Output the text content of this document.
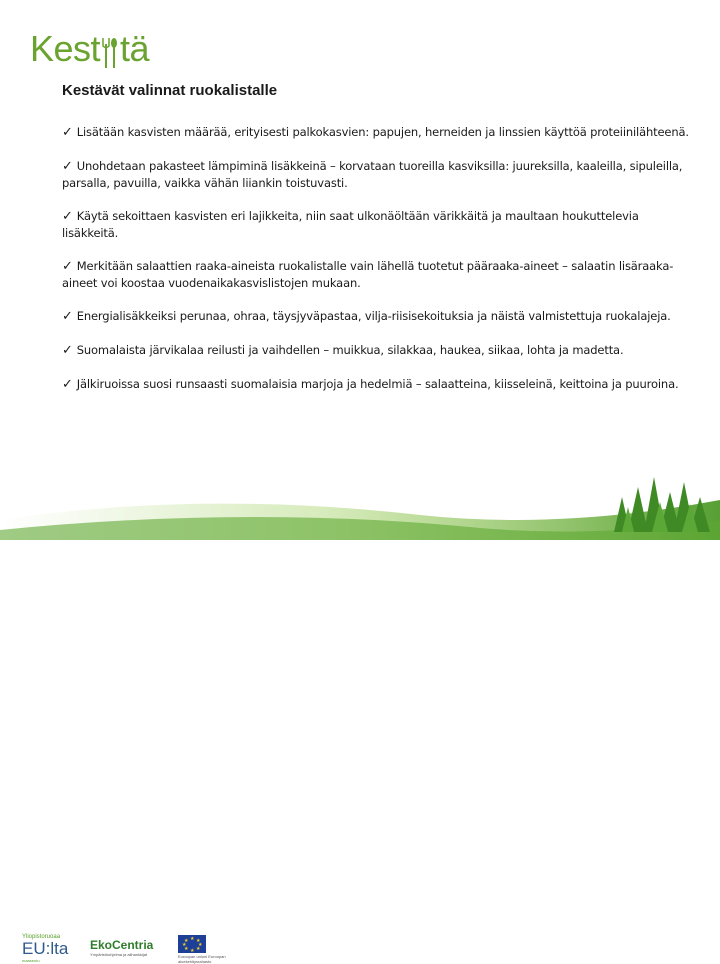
Kest tä
Kestävät valinnat ruokalistalle
✓ Lisätään kasvisten määrää, erityisesti palkokasvien: papujen, herneiden ja linssien käyttöä proteiinilähteenä.
✓ Unohdetaan pakasteet lämpiminä lisäkkeinä – korvataan tuoreilla kasviksilla: juureksilla, kaaleilla, sipuleilla, parsalla, pavuilla, vaikka vähän liiankin toistuvasti.
✓ Käytä sekoittaen kasvisten eri lajikkeita, niin saat ulkonäöltään värikkäitä ja maultaan houkuttelevia lisäkkeitä.
✓ Merkitään salaattien raaka-aineista ruokalistalle vain lähellä tuotetut pääraaka-aineet – salaatin lisäraaka-aineet voi koostaa vuodenaikakasvislistojen mukaan.
✓ Energialisäkkeiksi perunaa, ohraa, täysjyväpastaa, vilja-riisisekoituksia ja näistä valmistettuja ruokalajeja.
✓ Suomalaista järvikalaa reilusti ja vaihdellen – muikkua, silakkaa, haukea, siikaa, lohta ja madetta.
✓ Jälkiruoissa suosi runsaasti suomalaisia marjoja ja hedelmiä – salaatteina, kiisseleinä, keittoina ja puuroina.
Yliopistoruoaa
EU:lta
maaseutu
EkoCentria
Ympäristöohjelma ja alihankkijat
★ ★
★
★
★
★
★
★
Euroopan unioni Euroopan aluekehitysrahasto
